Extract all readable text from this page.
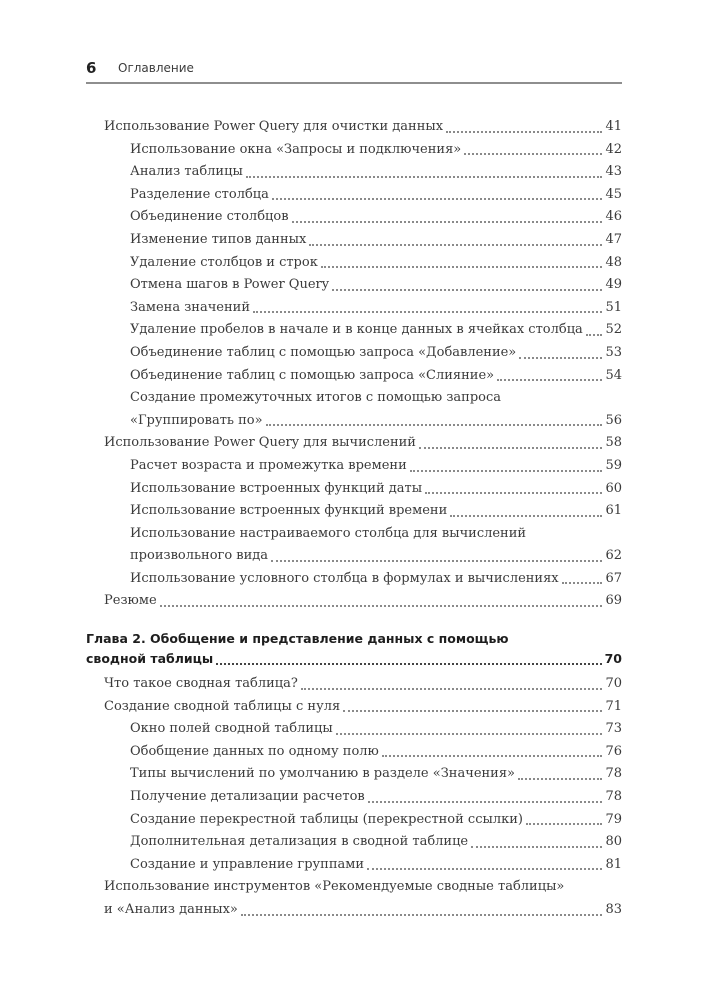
6 Оглавление
Использование Power Query для очистки данных	41
Использование окна «Запросы и подключения»	42
Анализ таблицы	43
Разделение столбца	45
Объединение столбцов	46
Изменение типов данных	47
Удаление столбцов и строк	48
Отмена шагов в Power Query	49
Замена значений	51
Удаление пробелов в начале и в конце данных в ячейках столбца 52
Объединение таблиц с помощью запроса «Добавление»	53
Объединение таблиц с помощью запроса «Слияние»	54
Создание промежуточных итогов с помощью запроса
«Группировать по»	56
Использование Power Query для вычислений	58
Расчет возраста и промежутка времени	59
Использование встроенных функций даты	60
Использование встроенных функций времени	61
Использование настраиваемого столбца для вычислений
произвольного вида	62
Использование условного столбца в формулах и вычислениях	67
Резюме	69
Глава 2. Обобщение и представление данных с помощью
сводной таблицы	70
Что такое сводная таблица?	70
Создание сводной таблицы с нуля	71
Окно полей сводной таблицы	73
Обобщение данных по одному полю	76
Типы вычислений по умолчанию в разделе «Значения»	78
Получение детализации расчетов	78
Создание перекрестной таблицы (перекрестной ссылки)	79
Дополнительная детализация в сводной таблице	80
Создание и управление группами	81
Использование инструментов «Рекомендуемые сводные таблицы»
и «Анализ данных»	83
